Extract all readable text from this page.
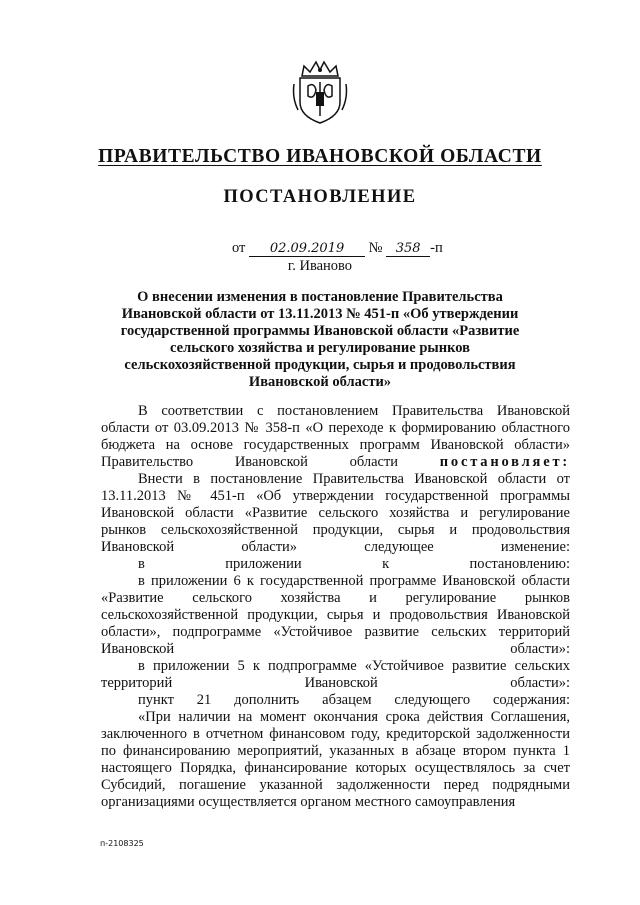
ПРАВИТЕЛЬСТВО ИВАНОВСКОЙ ОБЛАСТИ
ПОСТАНОВЛЕНИЕ
от 02.09.2019 № 358 -п
г. Иваново
О внесении изменения в постановление Правительства Ивановской области от 13.11.2013 № 451-п «Об утверждении государственной программы Ивановской области «Развитие сельского хозяйства и регулирование рынков сельскохозяйственной продукции, сырья и продовольствия Ивановской области»

В соответствии с постановлением Правительства Ивановской области от 03.09.2013 № 358-п «О переходе к формированию областного бюджета на основе государственных программ Ивановской области» Правительство Ивановской области постановляет:

Внести в постановление Правительства Ивановской области от 13.11.2013 № 451-п «Об утверждении государственной программы Ивановской области «Развитие сельского хозяйства и регулирование рынков сельскохозяйственной продукции, сырья и продовольствия Ивановской области» следующее изменение:

в приложении к постановлению:

в приложении 6 к государственной программе Ивановской области «Развитие сельского хозяйства и регулирование рынков сельскохозяйственной продукции, сырья и продовольствия Ивановской области», подпрограмме «Устойчивое развитие сельских территорий Ивановской области»:

в приложении 5 к подпрограмме «Устойчивое развитие сельских территорий Ивановской области»:

пункт 21 дополнить абзацем следующего содержания:

«При наличии на момент окончания срока действия Соглашения, заключенного в отчетном финансовом году, кредиторской задолженности по финансированию мероприятий, указанных в абзаце втором пункта 1 настоящего Порядка, финансирование которых осуществлялось за счет Субсидий, погашение указанной задолженности перед подрядными организациями осуществляется органом местного самоуправления

п-2108325
